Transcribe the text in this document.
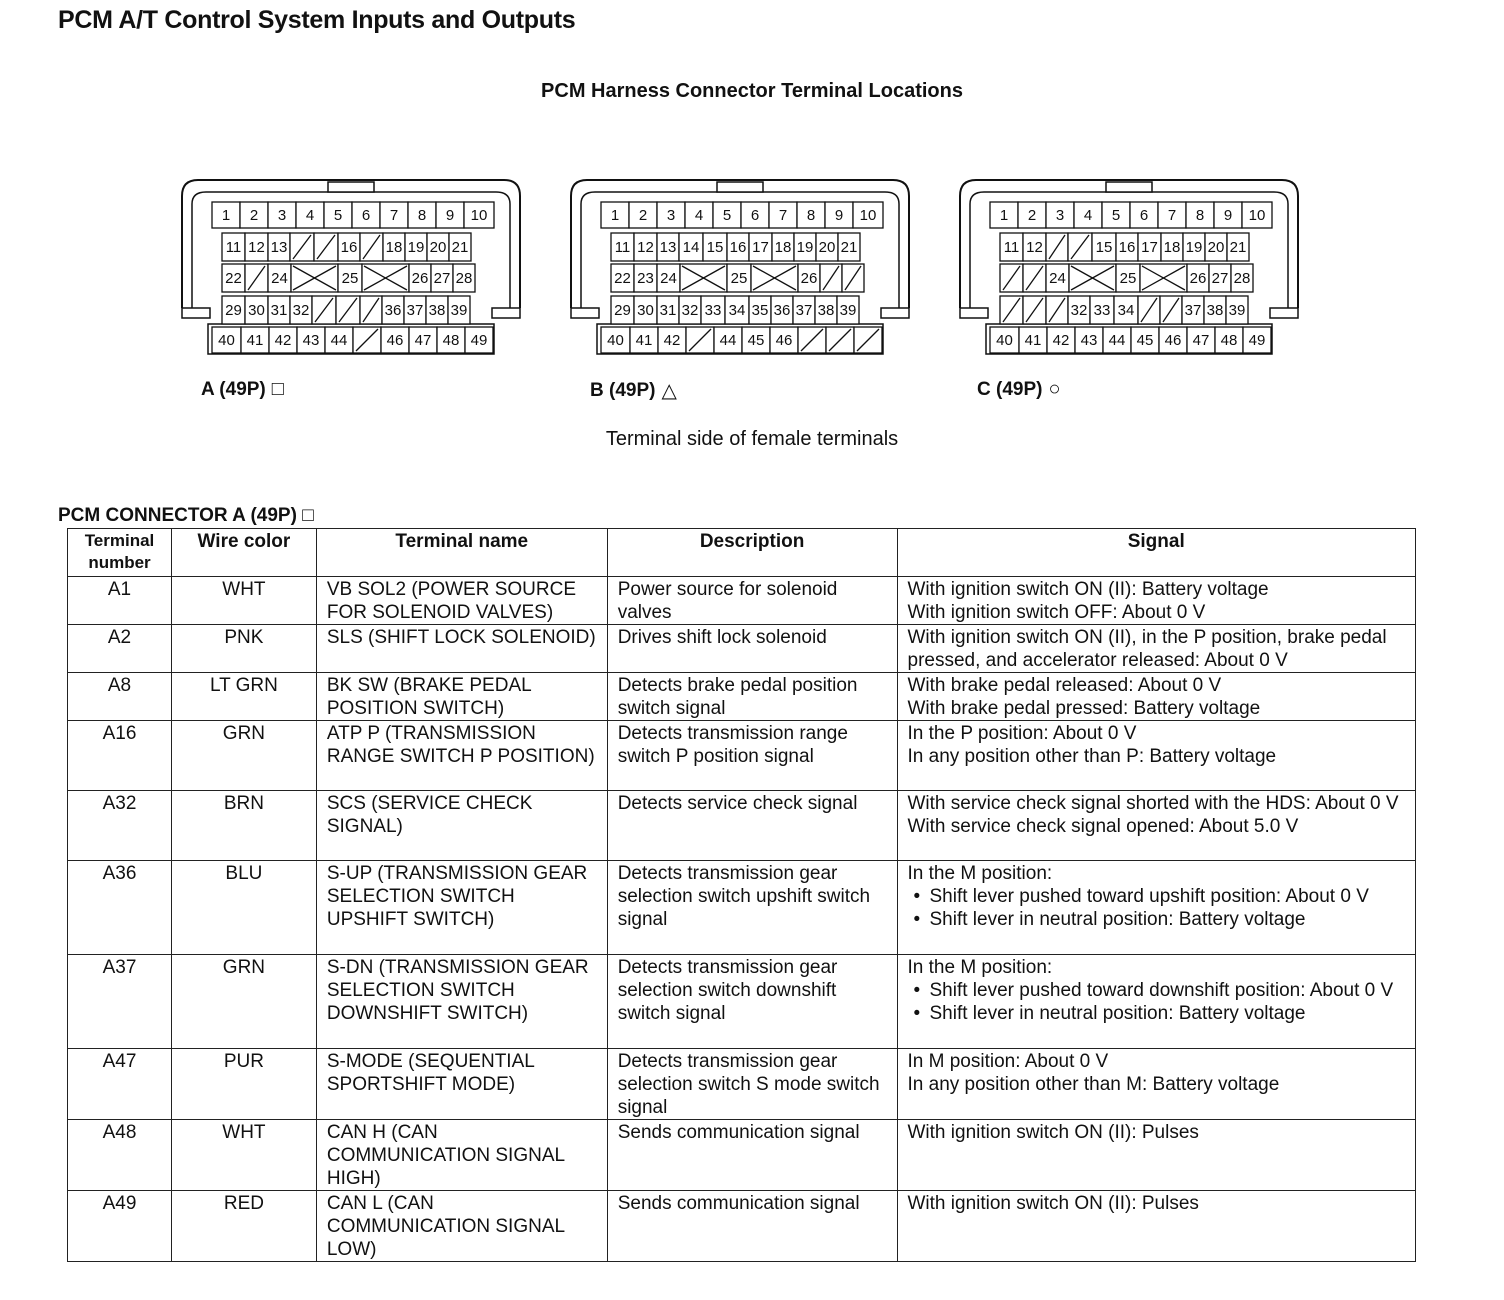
PCM A/T Control System Inputs and Outputs
PCM Harness Connector Terminal Locations
1 2 3 4 5 6 7 8 9 10
11 12 13	16 18 19 20 21
22 24	25	26 27 28
29 30 31 32	36 37 38 39
40 41 42 43 44	46 47 48 49
1 2 3 4 5 6 7 8 9 10
11 12 13 14 15 16 17 18 19 20 21
22 23 24	25	26
29 30 31 32 33 34 35 36 37 38 39
40 41 42	44 45 46
1 2 3 4 5 6 7 8 9 10
11 12	15 16 17 18 19 20 21
24	25	26 27 28
32 33 34	37 38 39
40 41 42 43 44 45 46 47 48 49
A (49P) □	B (49P) △	C (49P) ○
Terminal side of female terminals
PCM CONNECTOR A (49P) □
Terminal number	Wire color	Terminal name	Description	Signal
A1	WHT	VB SOL2 (POWER SOURCE FOR SOLENOID VALVES)	Power source for solenoid valves	With ignition switch ON (II): Battery voltage
With ignition switch OFF: About 0 V

A2	PNK	SLS (SHIFT LOCK SOLENOID)	Drives shift lock solenoid	With ignition switch ON (II), in the P position, brake pedal pressed, and accelerator released: About 0 V

A8	LT GRN	BK SW (BRAKE PEDAL POSITION SWITCH)	Detects brake pedal position switch signal	With brake pedal released: About 0 V
With brake pedal pressed: Battery voltage

A16	GRN	ATP P (TRANSMISSION RANGE SWITCH P POSITION)	Detects transmission range switch P position signal	In the P position: About 0 V
In any position other than P: Battery voltage

A32	BRN	SCS (SERVICE CHECK SIGNAL)	Detects service check signal	With service check signal shorted with the HDS: About 0 V
With service check signal opened: About 5.0 V

A36	BLU	S-UP (TRANSMISSION GEAR SELECTION SWITCH UPSHIFT SWITCH)	Detects transmission gear selection switch upshift switch signal	In the M position:
• Shift lever pushed toward upshift position: About 0 V
• Shift lever in neutral position: Battery voltage

A37	GRN	S-DN (TRANSMISSION GEAR SELECTION SWITCH DOWNSHIFT SWITCH)	Detects transmission gear selection switch downshift switch signal	In the M position:
• Shift lever pushed toward downshift position: About 0 V
• Shift lever in neutral position: Battery voltage

A47	PUR	S-MODE (SEQUENTIAL SPORTSHIFT MODE)	Detects transmission gear selection switch S mode switch signal	In M position: About 0 V
In any position other than M: Battery voltage

A48	WHT	CAN H (CAN COMMUNICATION SIGNAL HIGH)	Sends communication signal	With ignition switch ON (II): Pulses

A49	RED	CAN L (CAN COMMUNICATION SIGNAL LOW)	Sends communication signal	With ignition switch ON (II): Pulses
